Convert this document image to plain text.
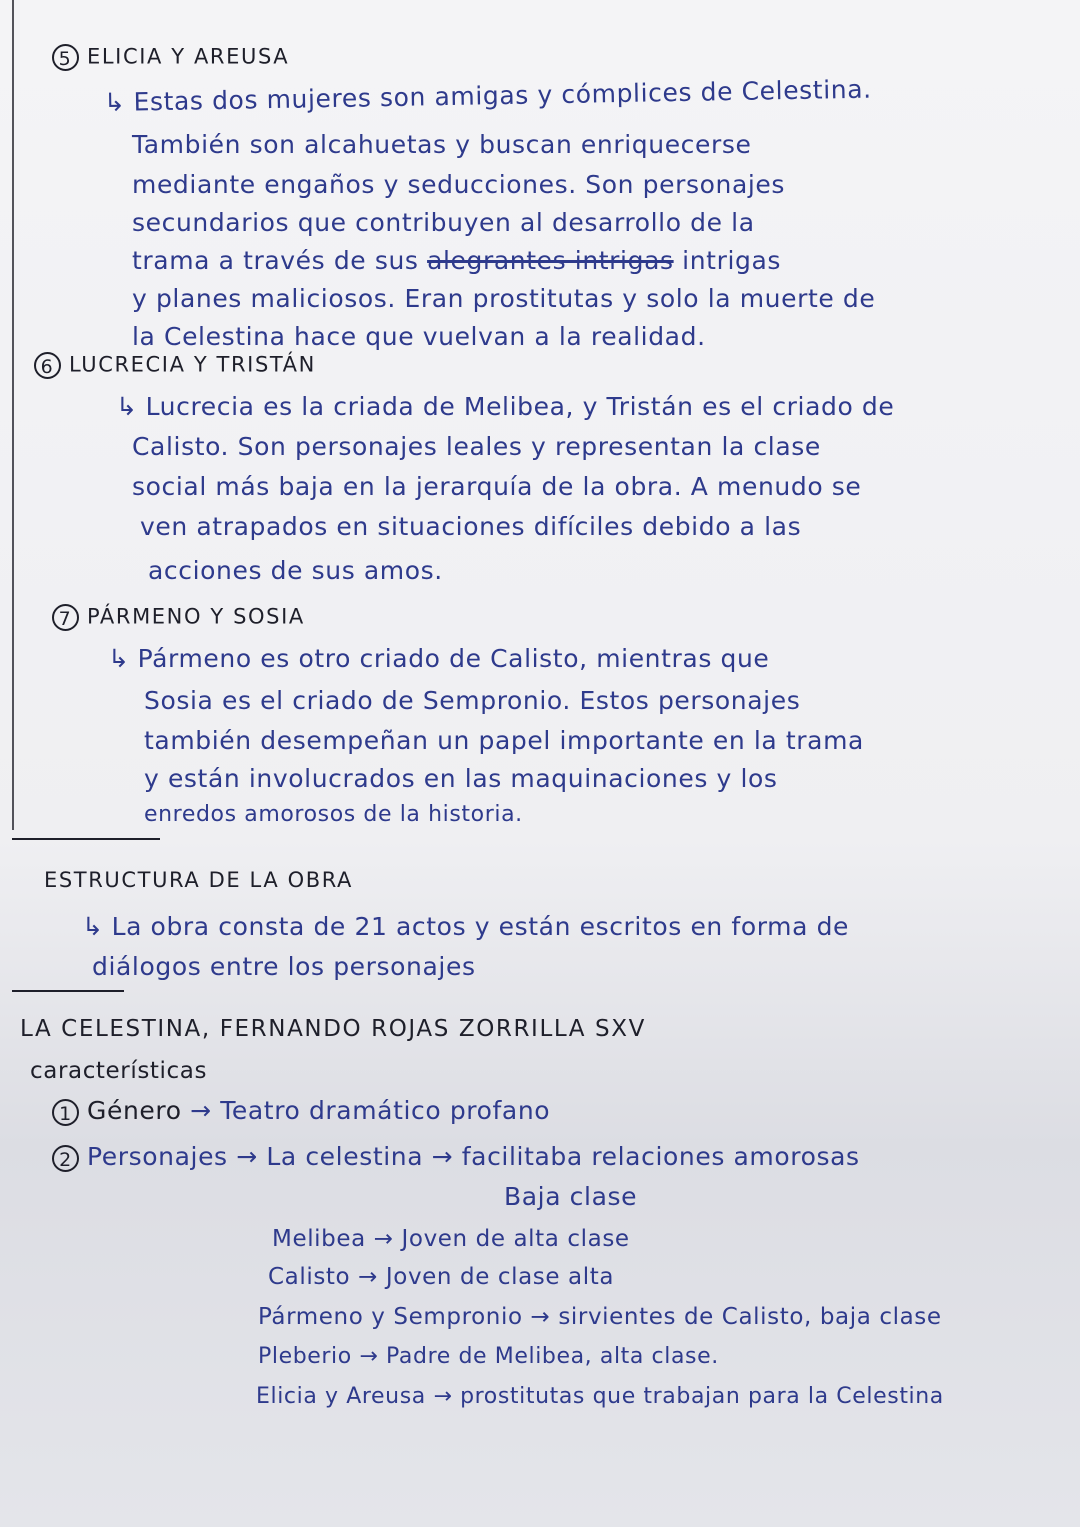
5 ELICIA Y AREUSA
↳ Estas dos mujeres son amigas y cómplices de Celestina.
También son alcahuetas y buscan enriquecerse
mediante engaños y seducciones. Son personajes
secundarios que contribuyen al desarrollo de la
trama a través de sus alegrantes intrigas intrigas
y planes maliciosos. Eran prostitutas y solo la muerte de
la Celestina hace que vuelvan a la realidad.
6 LUCRECIA Y TRISTÁN
↳ Lucrecia es la criada de Melibea, y Tristán es el criado de
Calisto. Son personajes leales y representan la clase
social más baja en la jerarquía de la obra. A menudo se
ven atrapados en situaciones difíciles debido a las
acciones de sus amos.
7 PÁRMENO Y SOSIA
↳ Pármeno es otro criado de Calisto, mientras que
Sosia es el criado de Sempronio. Estos personajes
también desempeñan un papel importante en la trama
y están involucrados en las maquinaciones y los
enredos amorosos de la historia.
ESTRUCTURA DE LA OBRA
↳ La obra consta de 21 actos y están escritos en forma de
diálogos entre los personajes
LA CELESTINA, FERNANDO ROJAS ZORRILLA SXV
características
1 Género → Teatro dramático profano
2 Personajes → La celestina → facilitaba relaciones amorosas
Baja clase
Melibea → Joven de alta clase
Calisto → Joven de clase alta
Pármeno y Sempronio → sirvientes de Calisto, baja clase
Pleberio → Padre de Melibea, alta clase.
Elicia y Areusa → prostitutas que trabajan para la Celestina
